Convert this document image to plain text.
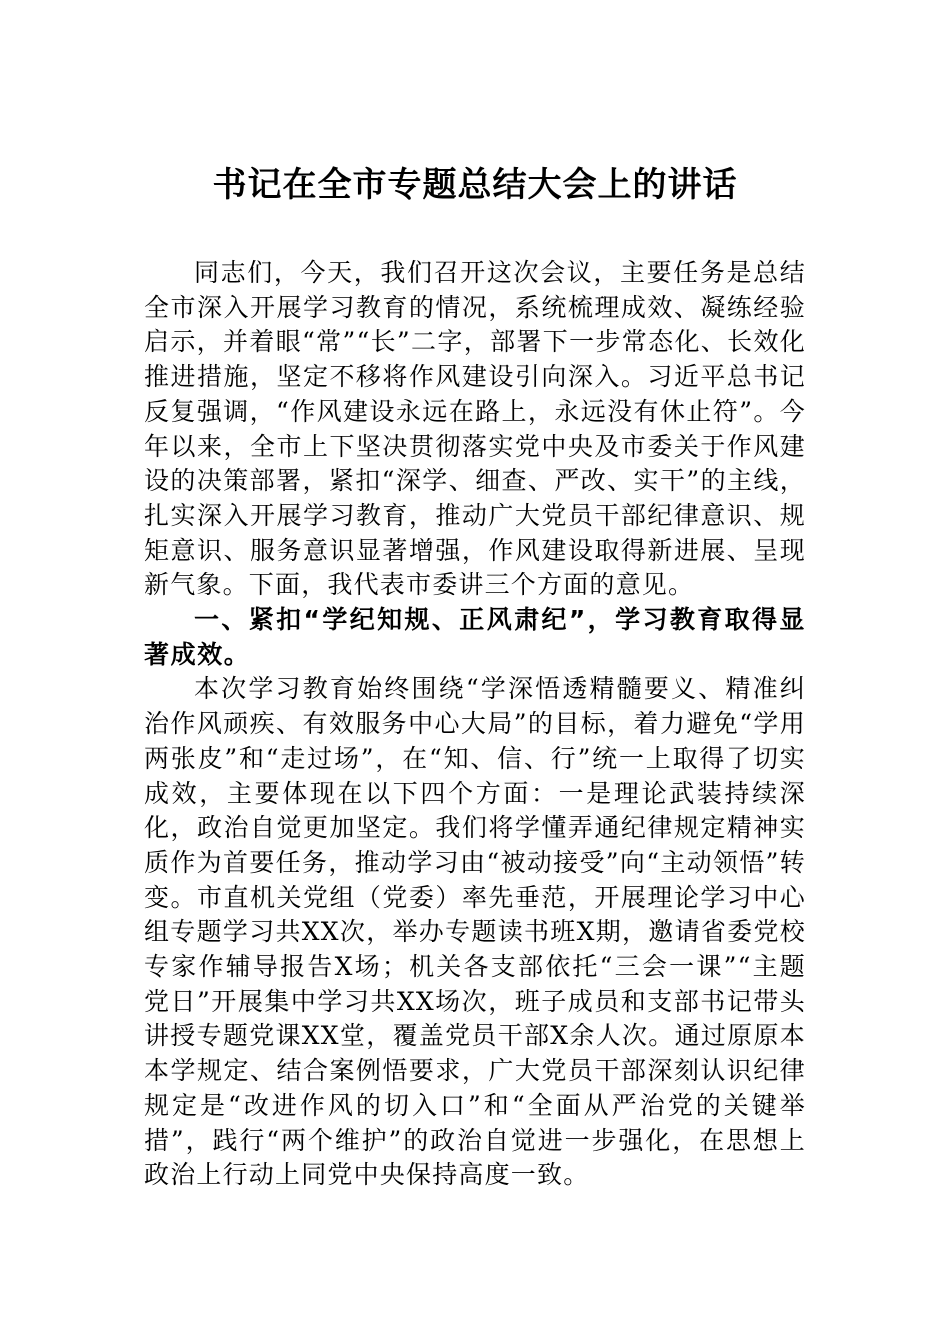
书记在全市专题总结大会上的讲话

同志们，今天，我们召开这次会议，主要任务是总结全市深入开展学习教育的情况，系统梳理成效、凝练经验启示，并着眼“常”“长”二字，部署下一步常态化、长效化推进措施，坚定不移将作风建设引向深入。习近平总书记反复强调，“作风建设永远在路上，永远没有休止符”。今年以来，全市上下坚决贯彻落实党中央及市委关于作风建设的决策部署，紧扣“深学、细查、严改、实干”的主线，扎实深入开展学习教育，推动广大党员干部纪律意识、规矩意识、服务意识显著增强，作风建设取得新进展、呈现新气象。下面，我代表市委讲三个方面的意见。

一、紧扣“学纪知规、正风肃纪”，学习教育取得显著成效。

本次学习教育始终围绕“学深悟透精髓要义、精准纠治作风顽疾、有效服务中心大局”的目标，着力避免“学用两张皮”和“走过场”，在“知、信、行”统一上取得了切实成效，主要体现在以下四个方面：一是理论武装持续深化，政治自觉更加坚定。我们将学懂弄通纪律规定精神实质作为首要任务，推动学习由“被动接受”向“主动领悟”转变。市直机关党组（党委）率先垂范，开展理论学习中心组专题学习共XX次，举办专题读书班X期，邀请省委党校专家作辅导报告X场；机关各支部依托“三会一课”“主题党日”开展集中学习共XX场次，班子成员和支部书记带头讲授专题党课XX堂，覆盖党员干部X余人次。通过原原本本学规定、结合案例悟要求，广大党员干部深刻认识纪律规定是“改进作风的切入口”和“全面从严治党的关键举措”，践行“两个维护”的政治自觉进一步强化，在思想上政治上行动上同党中央保持高度一致。
